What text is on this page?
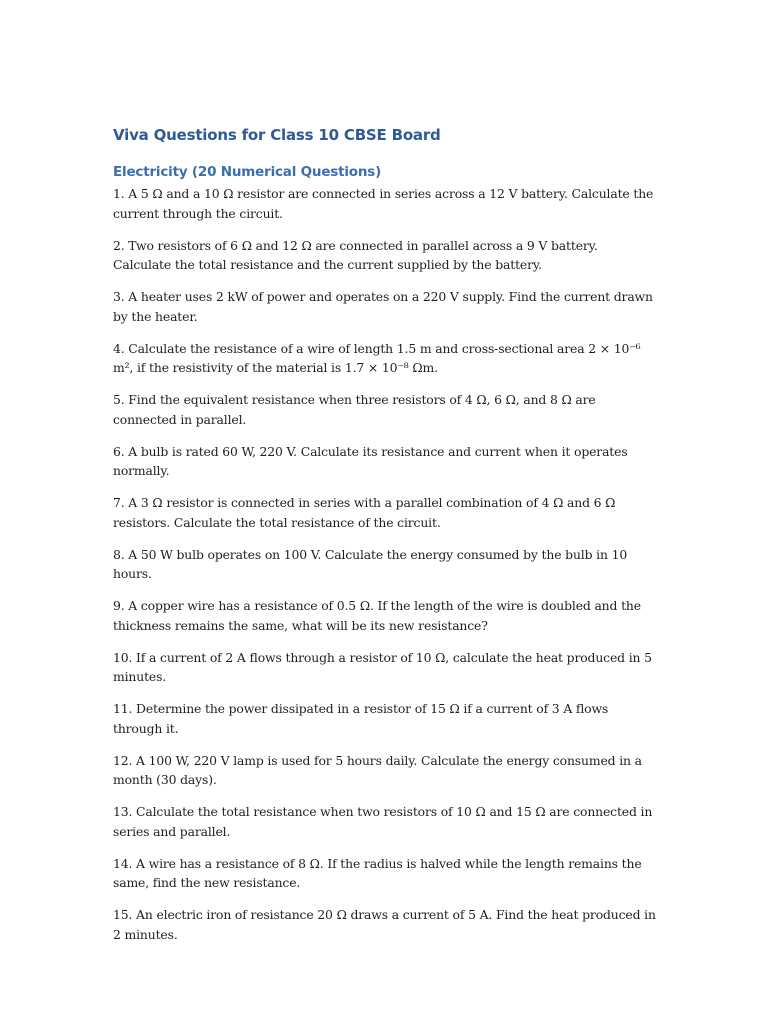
Viva Questions for Class 10 CBSE Board
Electricity (20 Numerical Questions)
1. A 5 Ω and a 10 Ω resistor are connected in series across a 12 V battery. Calculate the current through the circuit.
2. Two resistors of 6 Ω and 12 Ω are connected in parallel across a 9 V battery. Calculate the total resistance and the current supplied by the battery.
3. A heater uses 2 kW of power and operates on a 220 V supply. Find the current drawn by the heater.
4. Calculate the resistance of a wire of length 1.5 m and cross-sectional area 2 × 10⁻⁶ m², if the resistivity of the material is 1.7 × 10⁻⁸ Ωm.
5. Find the equivalent resistance when three resistors of 4 Ω, 6 Ω, and 8 Ω are connected in parallel.
6. A bulb is rated 60 W, 220 V. Calculate its resistance and current when it operates normally.
7. A 3 Ω resistor is connected in series with a parallel combination of 4 Ω and 6 Ω resistors. Calculate the total resistance of the circuit.
8. A 50 W bulb operates on 100 V. Calculate the energy consumed by the bulb in 10 hours.
9. A copper wire has a resistance of 0.5 Ω. If the length of the wire is doubled and the thickness remains the same, what will be its new resistance?
10. If a current of 2 A flows through a resistor of 10 Ω, calculate the heat produced in 5 minutes.
11. Determine the power dissipated in a resistor of 15 Ω if a current of 3 A flows through it.
12. A 100 W, 220 V lamp is used for 5 hours daily. Calculate the energy consumed in a month (30 days).
13. Calculate the total resistance when two resistors of 10 Ω and 15 Ω are connected in series and parallel.
14. A wire has a resistance of 8 Ω. If the radius is halved while the length remains the same, find the new resistance.
15. An electric iron of resistance 20 Ω draws a current of 5 A. Find the heat produced in 2 minutes.
